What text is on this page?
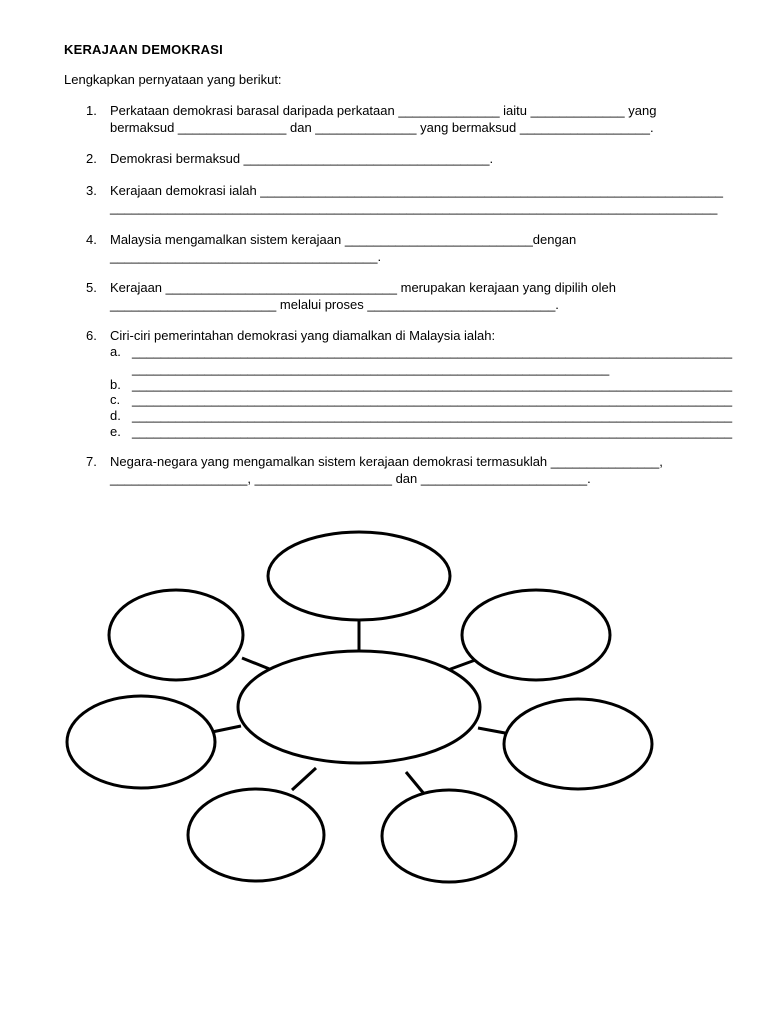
KERAJAAN DEMOKRASI
Lengkapkan pernyataan yang berikut:
1.	Perkataan demokrasi barasal daripada perkataan ______________ iaitu _____________ yang
bermaksud _______________ dan ______________ yang bermaksud __________________.
2.	Demokrasi bermaksud __________________________________.
3.	Kerajaan demokrasi ialah ________________________________________________________________
____________________________________________________________________________________
4.	Malaysia mengamalkan sistem kerajaan __________________________dengan
_____________________________________.
5.	Kerajaan ________________________________ merupakan kerajaan yang dipilih oleh
_______________________ melalui proses __________________________.
6.	Ciri-ciri pemerintahan demokrasi yang diamalkan di Malaysia ialah:
a. ___________________________________________________________________________________
__________________________________________________________________
b. ___________________________________________________________________________________
c. ___________________________________________________________________________________
d. ___________________________________________________________________________________
e. ___________________________________________________________________________________
7.	Negara-negara yang mengamalkan sistem kerajaan demokrasi termasuklah _______________,
___________________, ___________________ dan _______________________.
